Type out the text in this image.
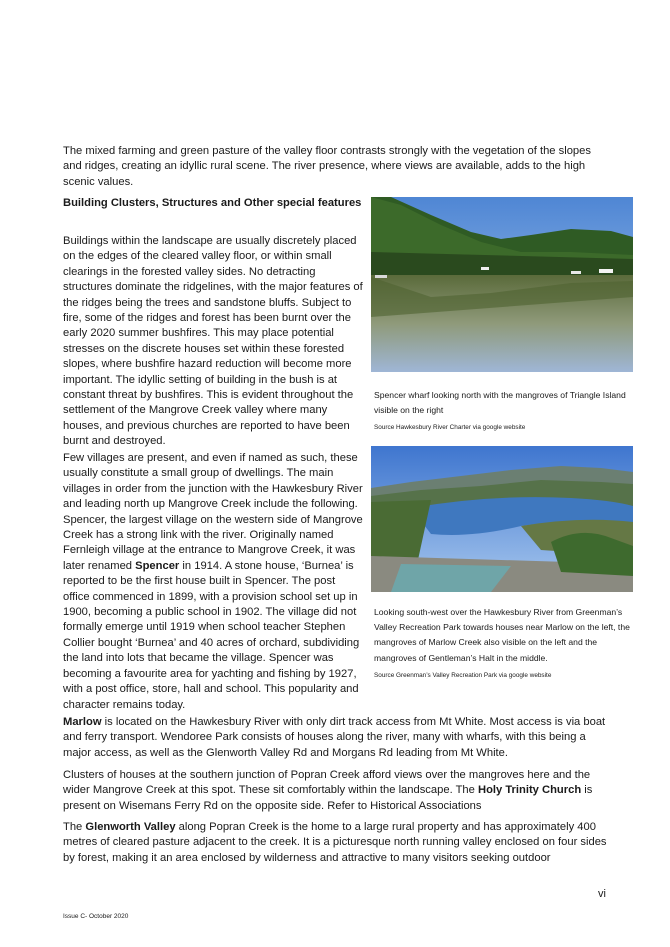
The mixed farming and green pasture of the valley floor contrasts strongly with the vegetation of the slopes and ridges, creating an idyllic rural scene. The river presence, where views are available, adds to the high scenic values.

Building Clusters, Structures and Other special features

Buildings within the landscape are usually discretely placed on the edges of the cleared valley floor, or within small clearings in the forested valley sides. No detracting structures dominate the ridgelines, with the major features of the ridges being the trees and sandstone bluffs. Subject to fire, some of the ridges and forest has been burnt over the early 2020 summer bushfires. This may place potential stresses on the discrete houses set within these forested slopes, where bushfire hazard reduction will become more important. The idyllic setting of building in the bush is at constant threat by bushfires. This is evident throughout the settlement of the Mangrove Creek valley where many houses, and previous churches are reported to have been burnt and destroyed.

Few villages are present, and even if named as such, these usually constitute a small group of dwellings. The main villages in order from the junction with the Hawkesbury River and leading north up Mangrove Creek include the following. Spencer, the largest village on the western side of Mangrove Creek has a strong link with the river. Originally named Fernleigh village at the entrance to Mangrove Creek, it was later renamed Spencer in 1914. A stone house, ‘Burnea’ is reported to be the first house built in Spencer. The post office commenced in 1899, with a provision school set up in 1900, becoming a public school in 1902. The village did not formally emerge until 1919 when school teacher Stephen Collier bought ‘Burnea’ and 40 acres of orchard, subdividing the land into lots that became the village. Spencer was becoming a favourite area for yachting and fishing by 1927, with a post office, store, hall and school. This popularity and character remains today.

Marlow is located on the Hawkesbury River with only dirt track access from Mt White. Most access is via boat and ferry transport. Wendoree Park consists of houses along the river, many with wharfs, with this being a major access, as well as the Glenworth Valley Rd and Morgans Rd leading from Mt White.

Clusters of houses at the southern junction of Popran Creek afford views over the mangroves here and the wider Mangrove Creek at this spot. These sit comfortably within the landscape. The Holy Trinity Church is present on Wisemans Ferry Rd on the opposite side. Refer to Historical Associations

The Glenworth Valley along Popran Creek is the home to a large rural property and has approximately 400 metres of cleared pasture adjacent to the creek. It is a picturesque north running valley enclosed on four sides by forest, making it an area enclosed by wilderness and attractive to many visitors seeking outdoor

Spencer wharf looking north with the mangroves of Triangle Island visible on the right

Source Hawkesbury River Charter via google website

Looking south-west over the Hawkesbury River from Greenman’s Valley Recreation Park towards houses near Marlow on the left, the mangroves of Marlow Creek also visible on the left and the mangroves of Gentleman’s Halt in the middle.

Source Greenman’s Valley Recreation Park via google website

vi
Issue C- October 2020
